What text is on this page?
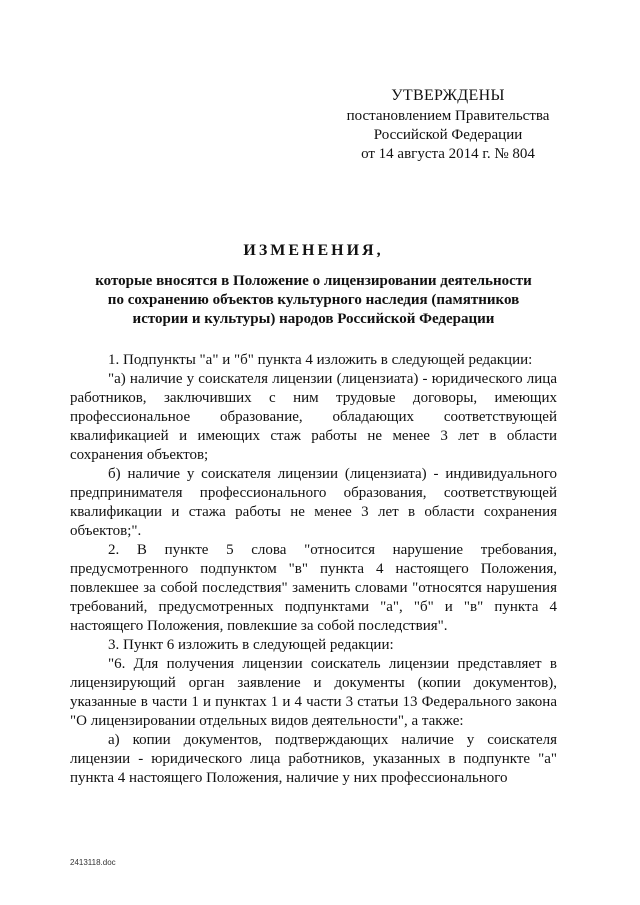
УТВЕРЖДЕНЫ
постановлением Правительства
Российской Федерации
от 14 августа 2014 г. № 804
ИЗМЕНЕНИЯ,
которые вносятся в Положение о лицензировании деятельности
по сохранению объектов культурного наследия (памятников
истории и культуры) народов Российской Федерации

1. Подпункты "а" и "б" пункта 4 изложить в следующей редакции:

"а) наличие у соискателя лицензии (лицензиата) - юридического лица работников, заключивших с ним трудовые договоры, имеющих профессиональное образование, обладающих соответствующей квалификацией и имеющих стаж работы не менее 3 лет в области сохранения объектов;

б) наличие у соискателя лицензии (лицензиата) - индивидуального предпринимателя профессионального образования, соответствующей квалификации и стажа работы не менее 3 лет в области сохранения объектов;".

2. В пункте 5 слова "относится нарушение требования, предусмотренного подпунктом "в" пункта 4 настоящего Положения, повлекшее за собой последствия" заменить словами "относятся нарушения требований, предусмотренных подпунктами "а", "б" и "в" пункта 4 настоящего Положения, повлекшие за собой последствия".

3. Пункт 6 изложить в следующей редакции:

"6. Для получения лицензии соискатель лицензии представляет в лицензирующий орган заявление и документы (копии документов), указанные в части 1 и пунктах 1 и 4 части 3 статьи 13 Федерального закона "О лицензировании отдельных видов деятельности", а также:

а) копии документов, подтверждающих наличие у соискателя лицензии - юридического лица работников, указанных в подпункте "а" пункта 4 настоящего Положения, наличие у них профессионального

2413118.doc
